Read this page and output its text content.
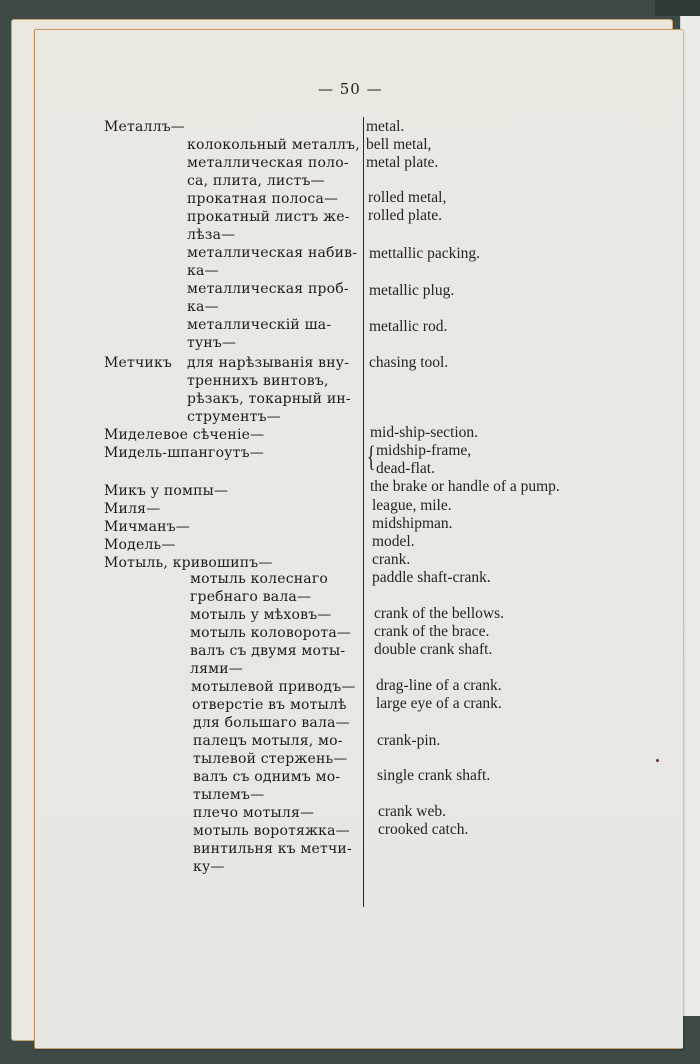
— 50 —
Металлъ—
колокольный металлъ,
металлическая поло-
са, плита, листъ—
прокатная полоса—
прокатный листъ же-
лѣза—
металлическая набив-
ка—
металлическая проб-
ка—
металлическій ша-
тунъ—
для нарѣзыванія вну-
треннихъ винтовъ,
рѣзакъ, токарный ин-
струментъ—
Миделевое сѣченіе—
Мидель-шпангоутъ—
Микъ у помпы—
Миля—
Мичманъ—
Модель—
Мотыль, кривошипъ—
мотыль колеснаго
гребнаго вала—
мотыль у мѣховъ—
мотыль коловорота—
валъ съ двумя моты-
лями—
мотылевой приводъ—
отверстіе въ мотылѣ
для большаго вала—
палецъ мотыля, мо-
тылевой стержень—
валъ съ однимъ мо-
тылемъ—
плечо мотыля—
мотыль воротяжка—
винтильня къ метчи-
ку—
Метчикъ
metal.
bell metal,
metal plate.
rolled metal,
rolled plate.
mettallic packing.
metallic plug.
metallic rod.
chasing tool.
mid-ship-section.
midship-frame,
dead-flat.
the brake or handle of a pump.
league, mile.
midshipman.
model.
crank.
paddle shaft-crank.
crank of the bellows.
crank of the brace.
double crank shaft.
drag-line of a crank.
large eye of a crank.
crank-pin.
single crank shaft.
crank web.
crooked catch.
{
